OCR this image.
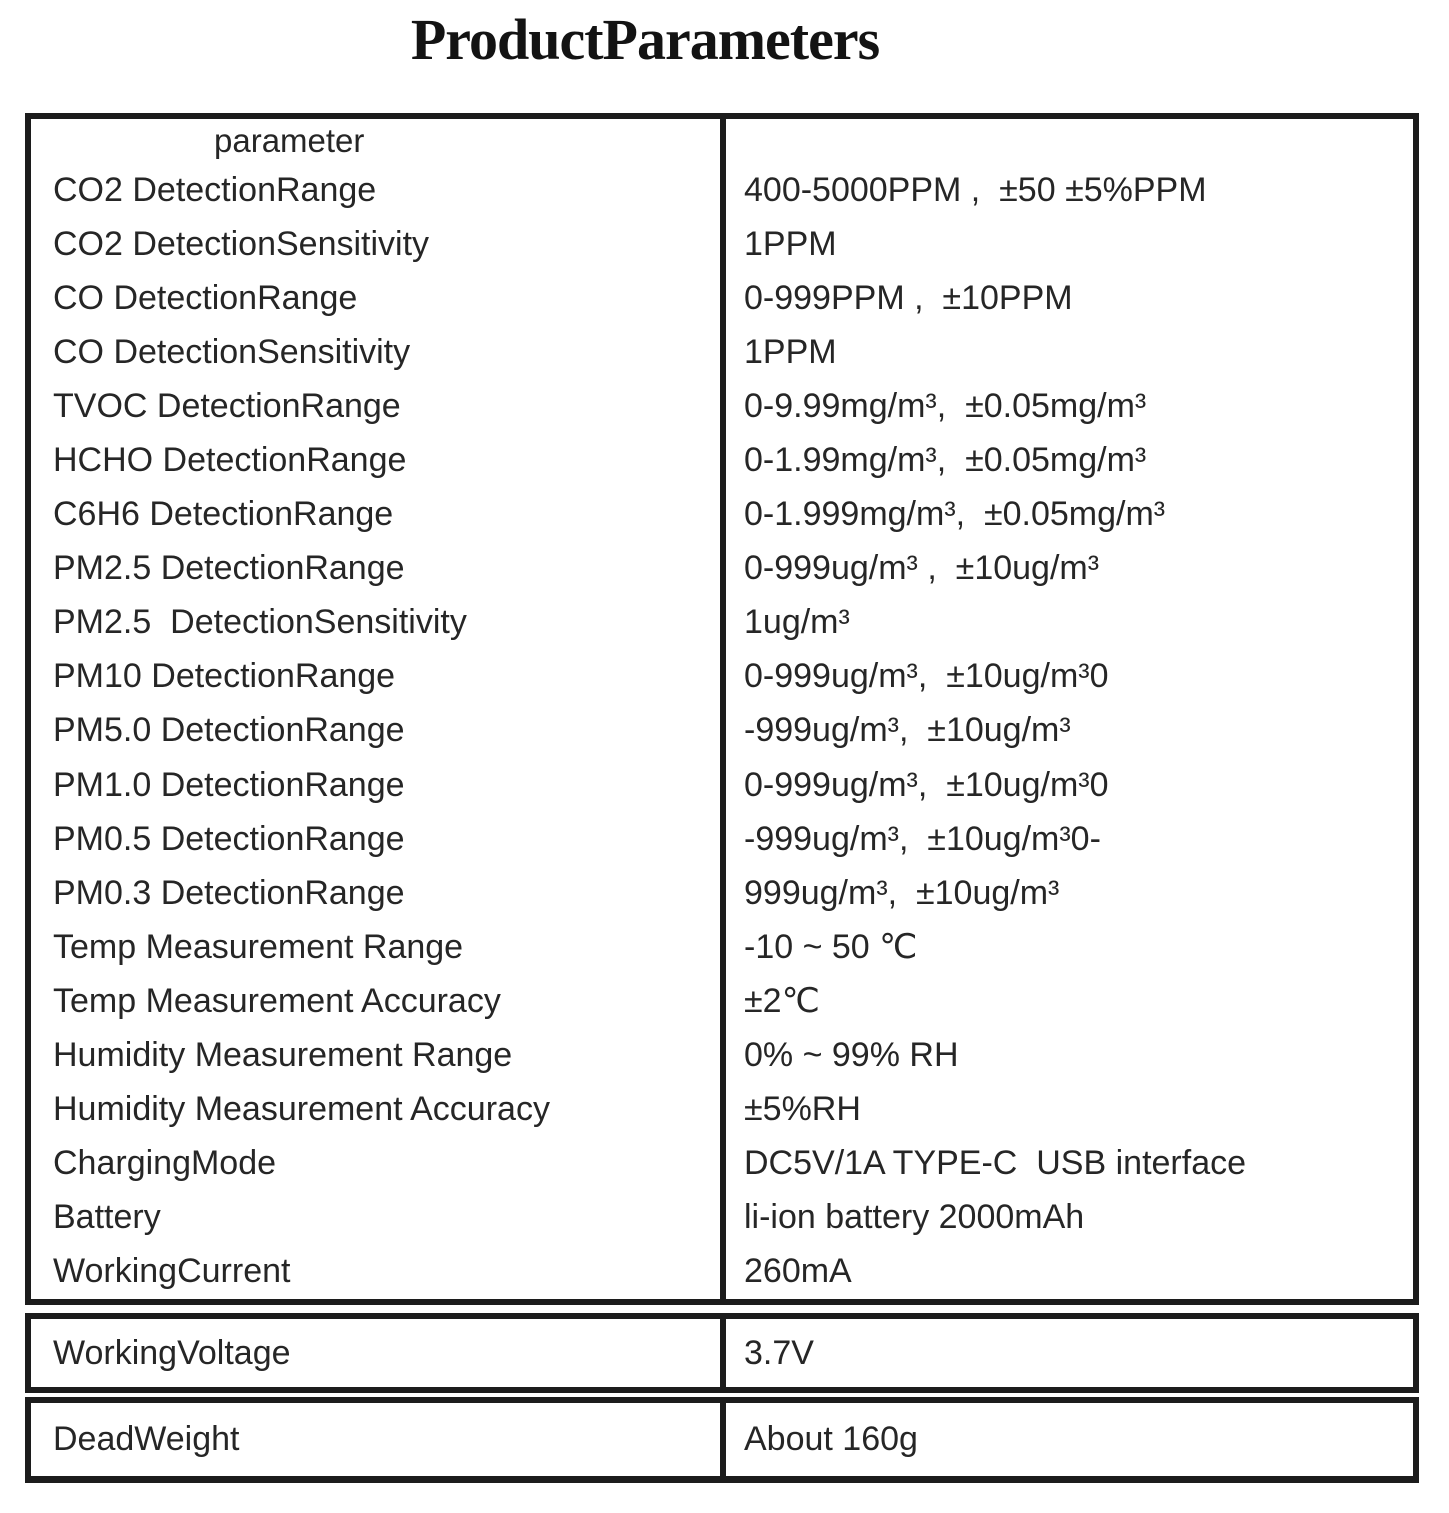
ProductParameters
parameter
CO2 DetectionRange	400-5000PPM ,  ±50 ±5%PPM
CO2 DetectionSensitivity	1PPM
CO DetectionRange	0-999PPM ,  ±10PPM
CO DetectionSensitivity	1PPM
TVOC DetectionRange	0-9.99mg/m³,  ±0.05mg/m³
HCHO DetectionRange	0-1.99mg/m³,  ±0.05mg/m³
C6H6 DetectionRange	0-1.999mg/m³,  ±0.05mg/m³
PM2.5 DetectionRange	0-999ug/m³ ,  ±10ug/m³
PM2.5  DetectionSensitivity	1ug/m³
PM10 DetectionRange	0-999ug/m³,  ±10ug/m³0
PM5.0 DetectionRange	-999ug/m³,  ±10ug/m³
PM1.0 DetectionRange	0-999ug/m³,  ±10ug/m³0
PM0.5 DetectionRange	-999ug/m³,  ±10ug/m³0-
PM0.3 DetectionRange	999ug/m³,  ±10ug/m³
Temp Measurement Range	-10 ~ 50 ℃
Temp Measurement Accuracy	±2℃
Humidity Measurement Range	0% ~ 99% RH
Humidity Measurement Accuracy	±5%RH
ChargingMode	DC5V/1A TYPE-C  USB interface
Battery	li-ion battery 2000mAh
WorkingCurrent	260mA
WorkingVoltage	3.7V
DeadWeight	About 160g
